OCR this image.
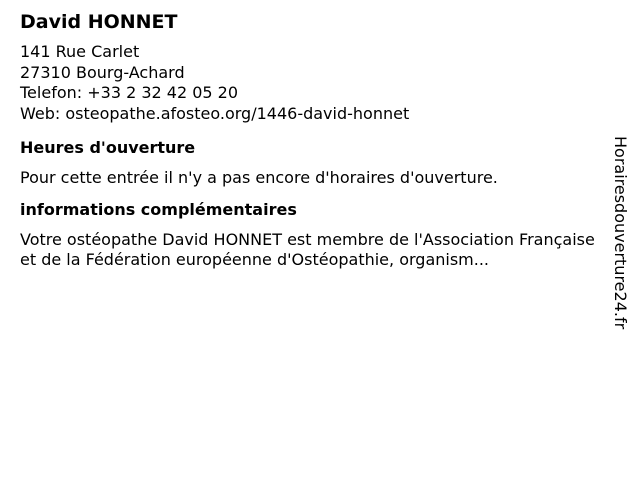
David HONNET
141 Rue Carlet
27310 Bourg-Achard
Telefon: +33 2 32 42 05 20
Web: osteopathe.afosteo.org/1446-david-honnet
Heures d'ouverture
Pour cette entrée il n'y a pas encore d'horaires d'ouverture.
informations complémentaires
Votre ostéopathe David HONNET est membre de l'Association Française et de la Fédération européenne d'Ostéopathie, organism...	Horairesdouverture24.fr
